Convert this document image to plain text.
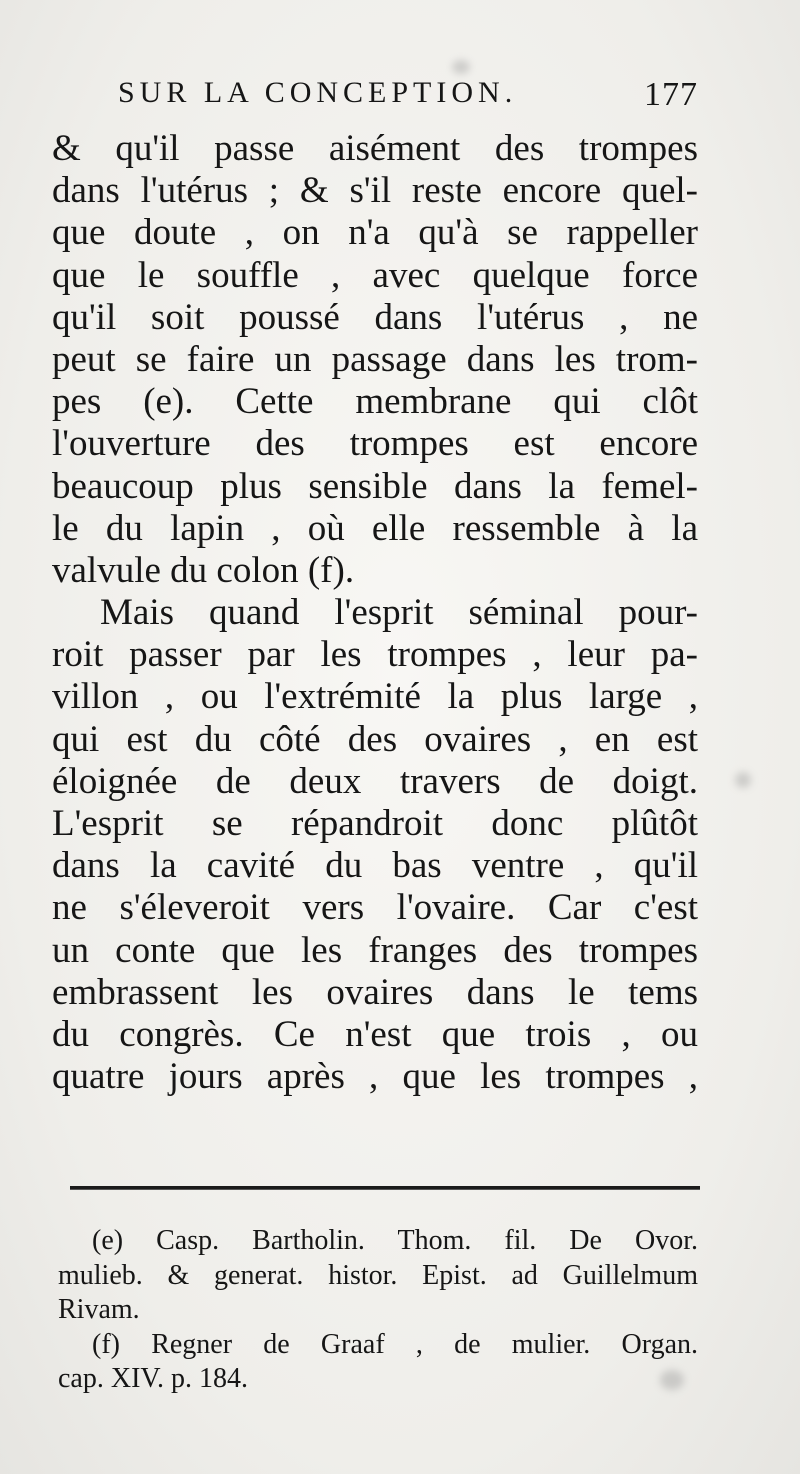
SUR LA CONCEPTION.	177
& qu'il passe aisément des trompes
dans l'utérus ; & s'il reste encore quel-
que doute , on n'a qu'à se rappeller
que le souffle , avec quelque force
qu'il soit poussé dans l'utérus , ne
peut se faire un passage dans les trom-
pes (e). Cette membrane qui clôt
l'ouverture des trompes est encore
beaucoup plus sensible dans la femel-
le du lapin , où elle ressemble à la
valvule du colon (f).
Mais quand l'esprit séminal pour-
roit passer par les trompes , leur pa-
villon , ou l'extrémité la plus large ,
qui est du côté des ovaires , en est
éloignée de deux travers de doigt.
L'esprit se répandroit donc plûtôt
dans la cavité du bas ventre , qu'il
ne s'éleveroit vers l'ovaire. Car c'est
un conte que les franges des trompes
embrassent les ovaires dans le tems
du congrès. Ce n'est que trois , ou
quatre jours après , que les trompes ,
(e) Casp. Bartholin. Thom. fil. De Ovor.
mulieb. & generat. histor. Epist. ad Guillelmum
Rivam.
(f) Regner de Graaf , de mulier. Organ.
cap. XIV. p. 184.
